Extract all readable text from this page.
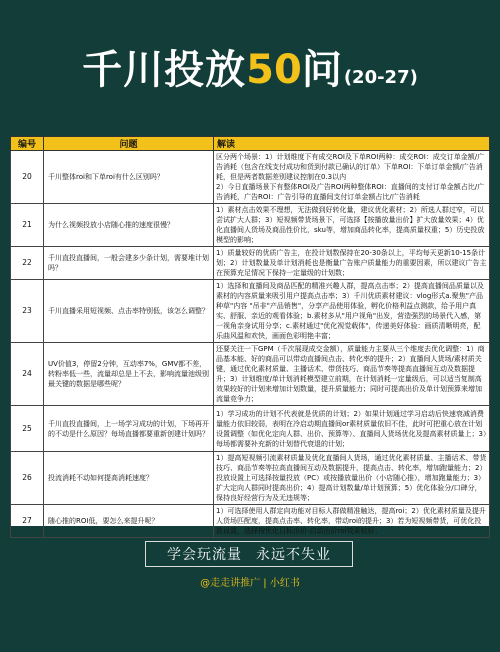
千川投放 50 问 (20-27)
编号	问题	解读
20	千川整体roi和下单roi有什么区别吗？	区分两个场景：1）计划维度下有成交ROI及下单ROI两种：成交ROI：成交订单金额/广告消耗（包含在线支付成功和货到付款已确认的订单）下单ROI：下单订单金额/广告消耗，但是两者数据差别建议控制在0.3以内
2）今日直播场景下有整体ROI及广告ROI两种整体ROI：直播间的支付订单金额占比/广告消耗，广告ROI：广告引导的直播间支付订单金额占比/广告消耗
21	为什么视频投放小店随心推的速度很慢？	1）素材点击效果不理想，无法做到好转化量，建议优化素材；2）所选人群过窄，可以尝试扩大人群；3）短视频带货场景下，可选择【按播放量出价】扩大放量效果；4）优化直播间人货场及商品性价比，sku等，增加商品转化率，提高质量权重；5）历史投放模型的影响；
22	千川直投直播间，一般会建多少条计划，需要堆计划吗？	1）质量较好的优质广告主，在投计划数保持在20-30条以上，平均每天更新10-15条计划；2）计划数量及单计划消耗也是衡量广告账户质量能力的重要因素，所以建议广告主在预算充足情况下保持一定量级的计划数；
23	千川直播采用短视频、点击率特别低，该怎么调整？	1）选择和直播间及商品匹配的精准兴趣人群，提高点击率；2）提高直播间品质量以及素材的内容质量来吸引用户提高点击率；3）千川优质素材建议：vlog形式a.聚焦"产品种草"内容 "吊非"产品销售"，分享产品使用体验，孵化价格利益点测款，给予用户真实、舒服、亲近的观看体验；b.素材多从"用户视角"出发，营造强烈的场景代入感，第一视角亲身试用分享；c.素材通过"优化视觉载体"，传递美好体验：画质清晰明亮，配乐曲风温和欢快，画面色彩明艳丰富；
24	UV价值3，停留2分钟，互动率7%，GMV都不差，转粉率低一些，流量却总是上不去，影响流量池级别最关键的数据是哪些呢？	还要关注一下GPM（千次展现成交金额），质量能力主要从三个维度去优化调整：1）商品基本能、好的商品可以带动直播间点击、转化率的提升；2）直播间人货场/素材质关键，通过优化素材质量、主播话术、带货技巧、商品节奏等提高直播间互动及数据提升；3）计划维度/单计划消耗模型建立前期，在计划消耗一定量级后，可以适当复制高效果较好的计划来增加计划数量，提升质量能力；同时可提高出价及单计划预算来增加流量竞争力；
25	千川直投直播间，上一场学习成功的计划，下场再开的不动是什么原因？每场直播都要重新创建计划吗？	1）学习成功的计划不代表就是优质的计划；2）如果计划通过学习启动后快速衰减消费量能力依旧较弱，表明在冷启动期直播间or素材质量依旧不佳，此时可把重心放在计划设置调整（如优化定向人群、出价、预算等）、直播间人货场优化及提高素材质量上；3）每场都需要补充新的计划替代衰退的计划；
26	投流消耗不动如何提高消耗速度？	1）提高短视频引流素材质量及优化直播间人货场，通过优化素材质量、主播话术、带货技巧、商品节奏等拉高直播间互动及数据提升，提高点击、转化率，增加跑量能力；2）投放设置上可选择按量投放（PC）或按播放量出价（小店随心推），增加跑量能力；3）扩大定向人群同时提高出价；4）提高计划数量/单计划预算；5）优化体验分/口碑分，保持良好经营行为及无违规等；
27	随心推的ROI低，要怎么来提升呢？	1）可选择使用人群定向功能对目标人群做精准触达，提高roi；2）优化素材质量及提升人货场匹配度，提高点击率、转化率，带动roi的提升；3）若为短视频带货，可优化投放设置，选择按优化目标出价-启动出价roi效果较好；
学会玩流量 永远不失业
@走走讲推广 | 小红书
